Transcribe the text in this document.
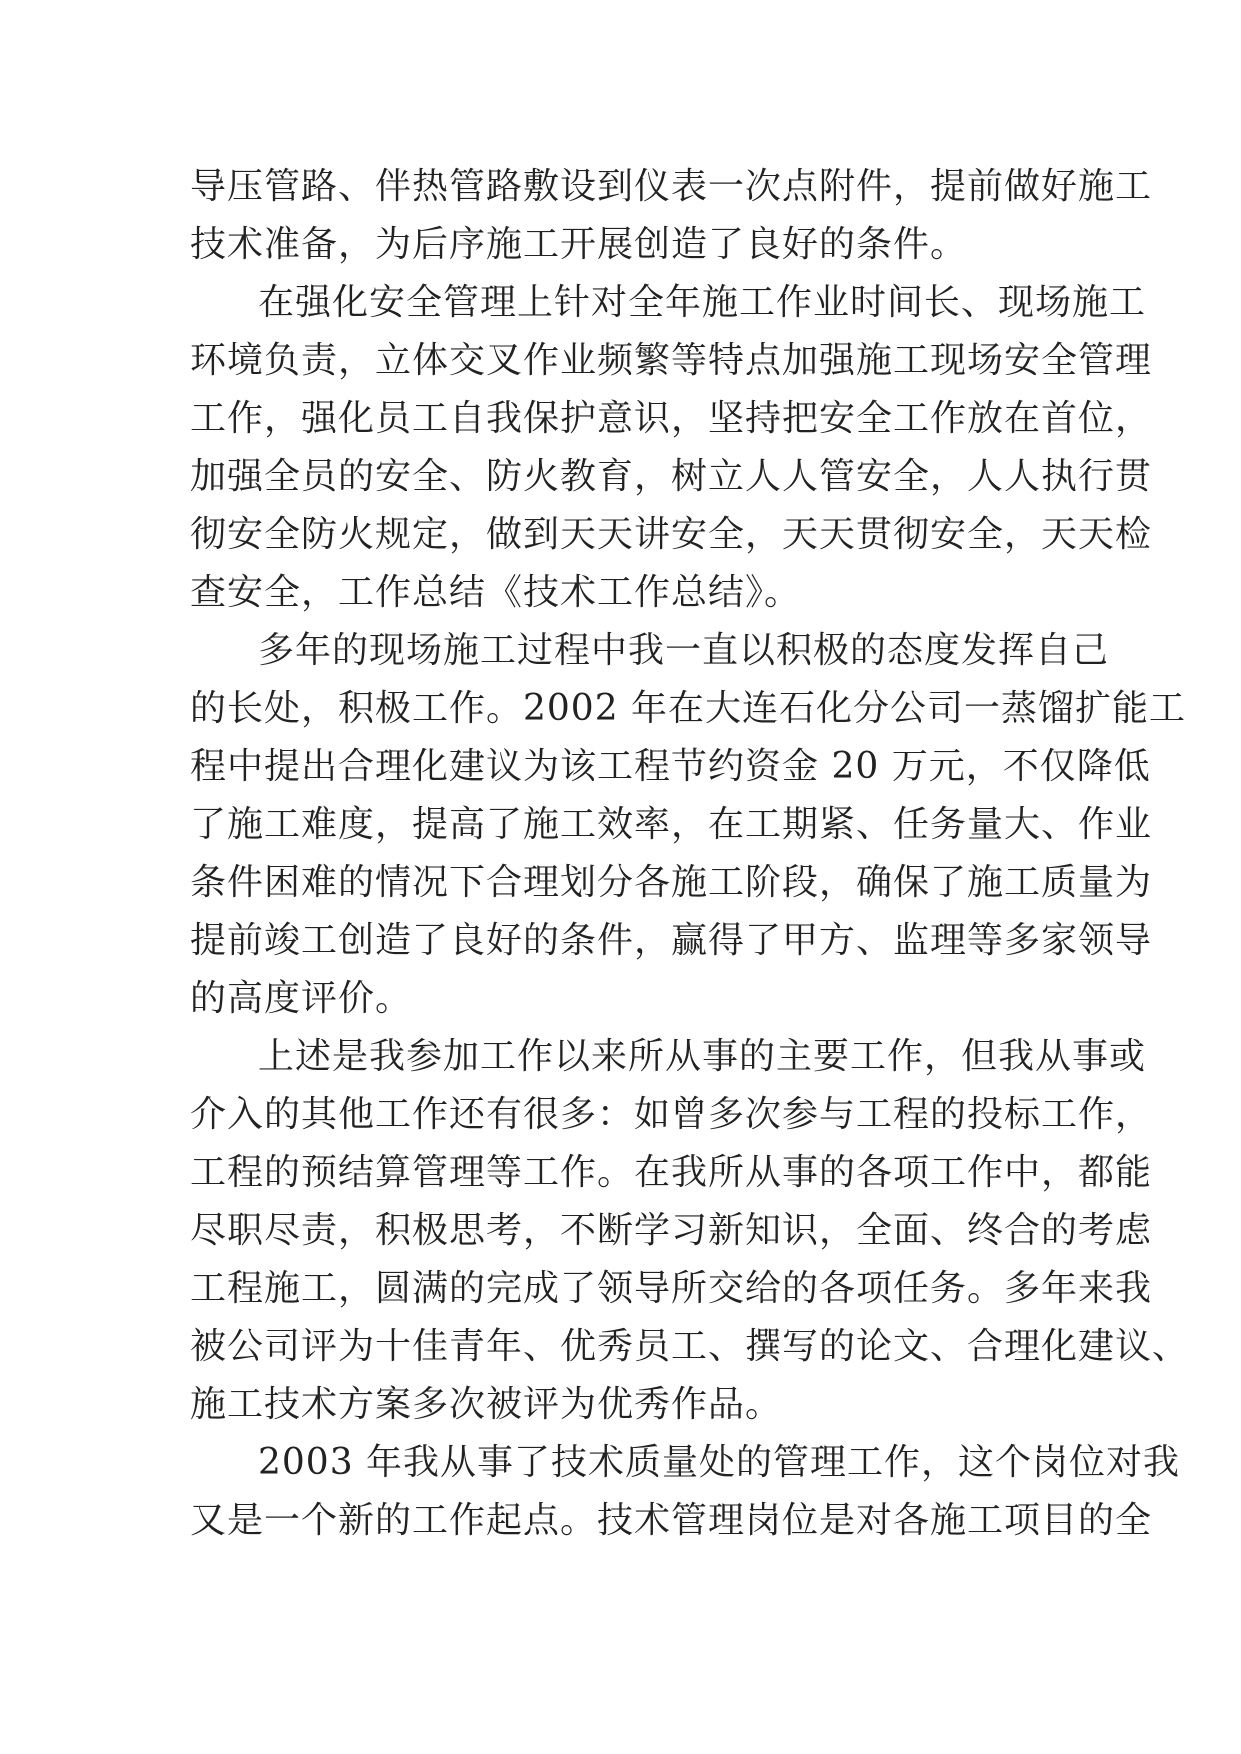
导压管路、伴热管路敷设到仪表一次点附件，提前做好施工
技术准备，为后序施工开展创造了良好的条件。
在强化安全管理上针对全年施工作业时间长、现场施工
环境负责，立体交叉作业频繁等特点加强施工现场安全管理
工作，强化员工自我保护意识，坚持把安全工作放在首位，
加强全员的安全、防火教育，树立人人管安全，人人执行贯
彻安全防火规定，做到天天讲安全，天天贯彻安全，天天检
查安全，工作总结《技术工作总结》。
多年的现场施工过程中我一直以积极的态度发挥自己
的长处，积极工作。2002 年在大连石化分公司一蒸馏扩能工
程中提出合理化建议为该工程节约资金 20 万元，不仅降低
了施工难度，提高了施工效率，在工期紧、任务量大、作业
条件困难的情况下合理划分各施工阶段，确保了施工质量为
提前竣工创造了良好的条件，赢得了甲方、监理等多家领导
的高度评价。
上述是我参加工作以来所从事的主要工作，但我从事或
介入的其他工作还有很多：如曾多次参与工程的投标工作，
工程的预结算管理等工作。在我所从事的各项工作中，都能
尽职尽责，积极思考，不断学习新知识，全面、终合的考虑
工程施工，圆满的完成了领导所交给的各项任务。多年来我
被公司评为十佳青年、优秀员工、撰写的论文、合理化建议、
施工技术方案多次被评为优秀作品。
2003 年我从事了技术质量处的管理工作，这个岗位对我
又是一个新的工作起点。技术管理岗位是对各施工项目的全
